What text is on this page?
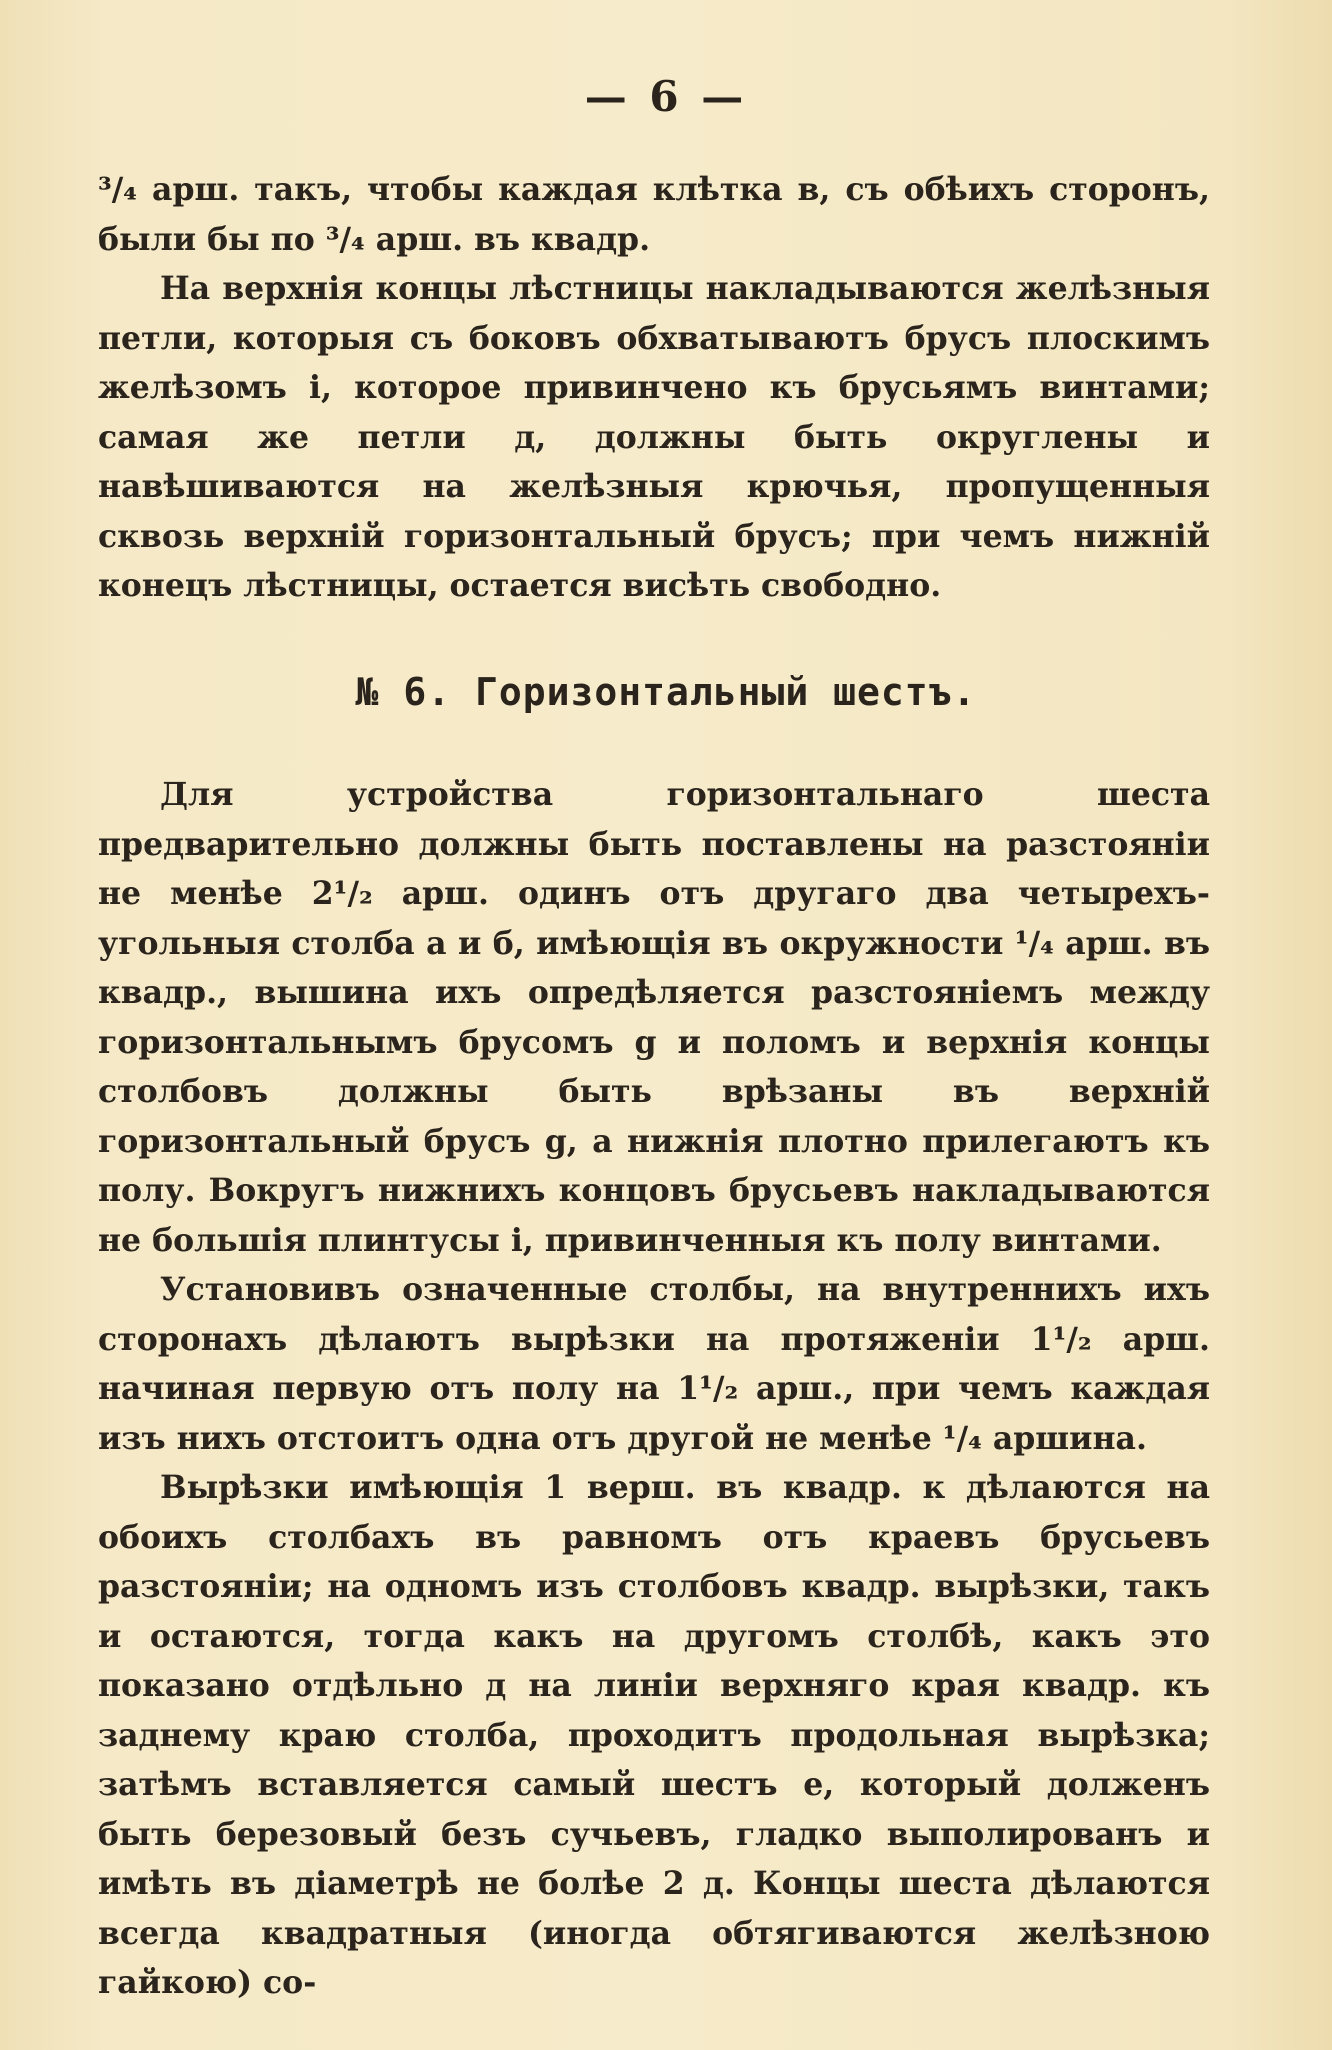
— 6 —

³/₄ арш. такъ, чтобы каждая клѣтка в, съ обѣихъ сторонъ, были бы по ³/₄ арш. въ квадр.

На верхнія концы лѣстницы накладываются желѣзныя петли, которыя съ боковъ обхватываютъ брусъ плоскимъ желѣзомъ і, которое привинчено къ брусьямъ винтами; самая же петли д, должны быть округлены и навѣшиваются на желѣзныя крючья, пропущенныя сквозь верхній горизонтальный брусъ; при чемъ нижній конецъ лѣстницы, остается висѣть свободно.

№ 6. Горизонтальный шестъ.

Для устройства горизонтальнаго шеста предварительно должны быть поставлены на разстояніи не менѣе 2¹/₂ арш. одинъ отъ другаго два четырехъ-угольныя столба а и б, имѣющія въ окружности ¹/₄ арш. въ квадр., вышина ихъ опредѣляется разстояніемъ между горизонтальнымъ брусомъ g и поломъ и верхнія концы столбовъ должны быть врѣзаны въ верхній горизонтальный брусъ g, а нижнія плотно прилегаютъ къ полу. Вокругъ нижнихъ концовъ брусьевъ накладываются не большія плинтусы і, привинченныя къ полу винтами.

Установивъ означенные столбы, на внутреннихъ ихъ сторонахъ дѣлаютъ вырѣзки на протяженіи 1¹/₂ арш. начиная первую отъ полу на 1¹/₂ арш., при чемъ каждая изъ нихъ отстоитъ одна отъ другой не менѣе ¹/₄ аршина.

Вырѣзки имѣющія 1 верш. въ квадр. к дѣлаются на обоихъ столбахъ въ равномъ отъ краевъ брусьевъ разстояніи; на одномъ изъ столбовъ квадр. вырѣзки, такъ и остаются, тогда какъ на другомъ столбѣ, какъ это показано отдѣльно д на линіи верхняго края квадр. къ заднему краю столба, проходитъ продольная вырѣзка; затѣмъ вставляется самый шестъ е, который долженъ быть березовый безъ сучьевъ, гладко выполированъ и имѣть въ діаметрѣ не болѣе 2 д. Концы шеста дѣлаются всегда квадратныя (иногда обтягиваются желѣзною гайкою) со-
